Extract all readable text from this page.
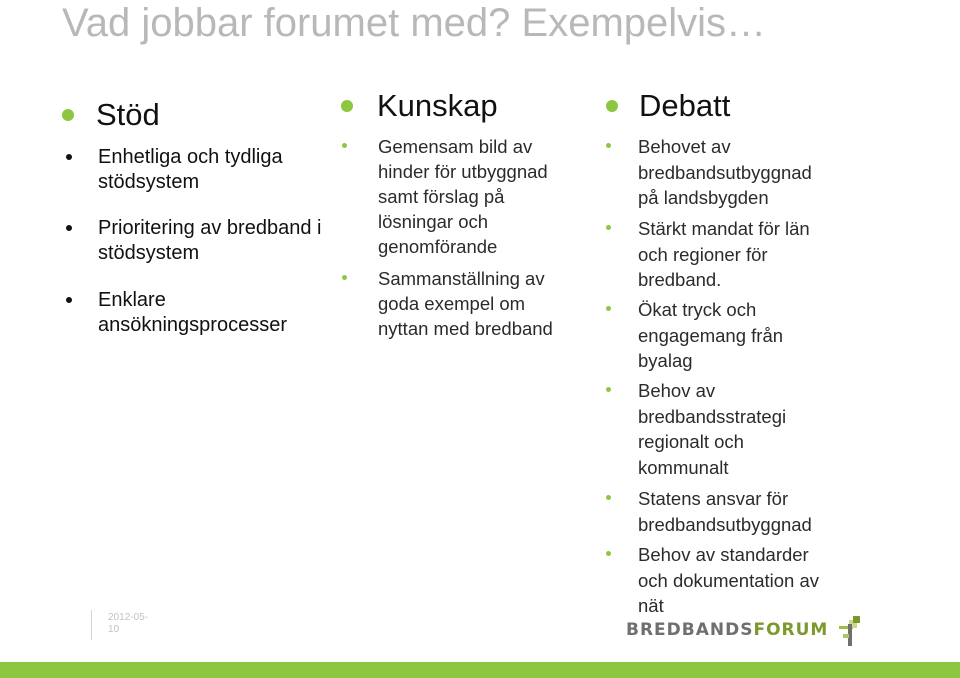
Vad jobbar forumet med? Exempelvis…
Stöd
Enhetliga och tydliga
stödsystem
Prioritering av bredband i
stödsystem
Enklare
ansökningsprocesser
Kunskap
Gemensam bild av
hinder för utbyggnad
samt förslag på
lösningar och
genomförande
Sammanställning av
goda exempel om
nyttan med bredband
Debatt
Behovet av
bredbandsutbyggnad
på landsbygden
Stärkt mandat för län
och regioner för
bredband.
Ökat tryck och
engagemang från
byalag
Behov av
bredbandsstrategi
regionalt och
kommunalt
Statens ansvar för
bredbandsutbyggnad
Behov av standarder
och dokumentation av
nät
2012-05-
10	BREDBANDSFORUM
